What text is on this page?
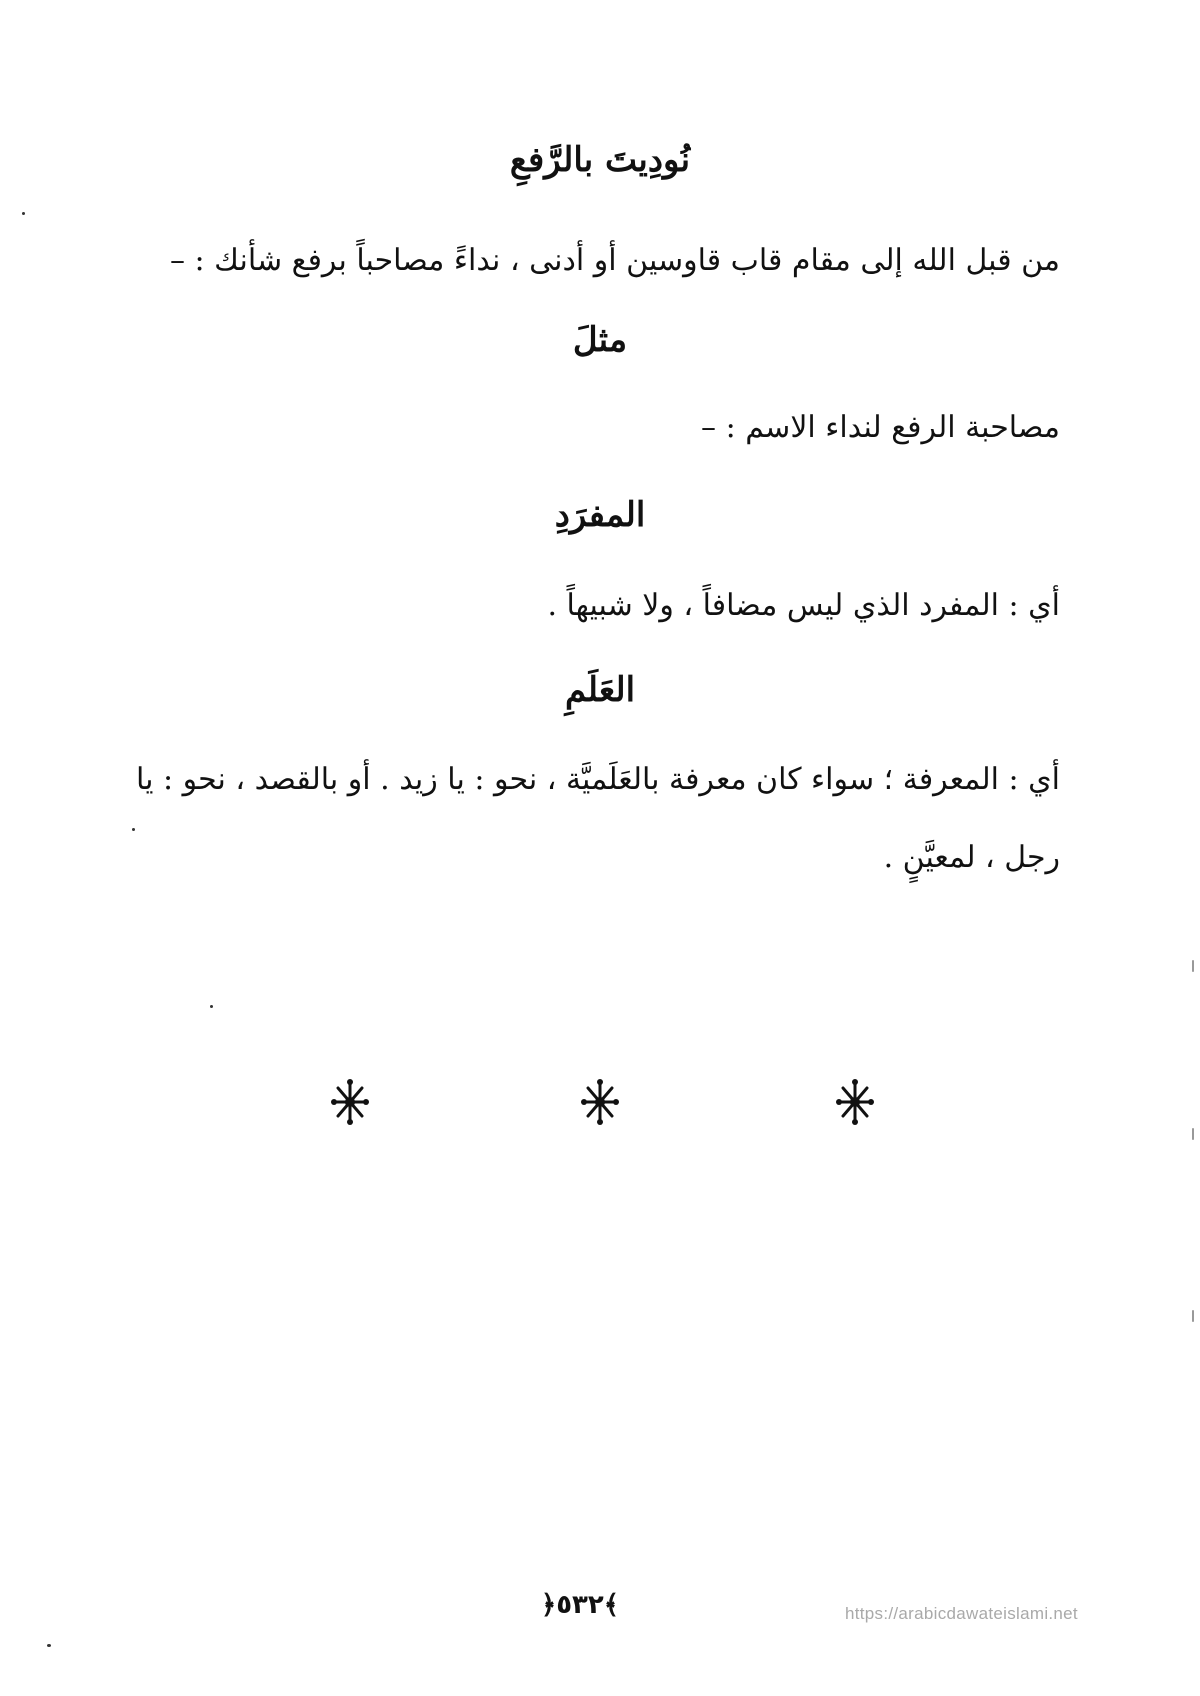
نُودِيتَ بالرَّفعِ
من قبل الله إلى مقام قاب قاوسين أو أدنى ، نداءً مصاحباً برفع شأنك : –
مثلَ
مصاحبة الرفع لنداء الاسم : –
المفرَدِ
أي : المفرد الذي ليس مضافاً ، ولا شبيهاً .
العَلَمِ
أي : المعرفة ؛ سواء كان معرفة بالعَلَميَّة ، نحو : يا زيد . أو بالقصد ، نحو : يا
رجل ، لمعيَّنٍ .
﴿٥٣٢﴾	https://arabicdawateislami.net
